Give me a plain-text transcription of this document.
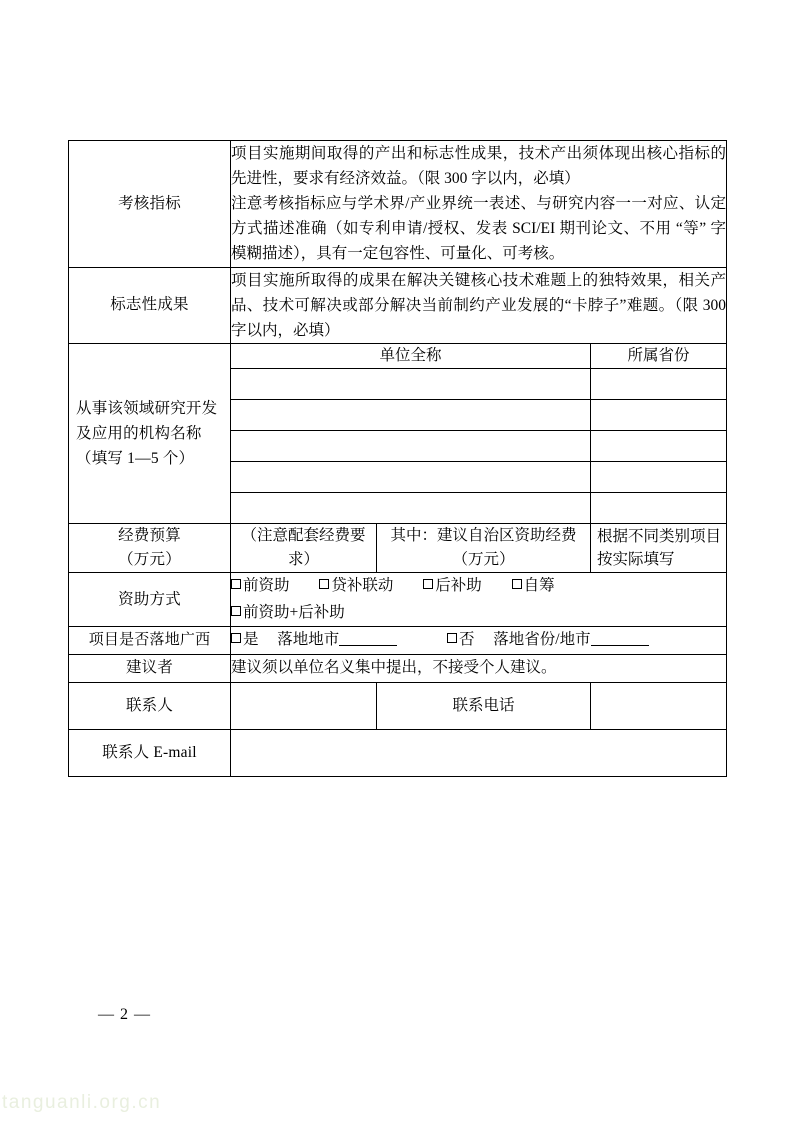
考核指标	项目实施期间取得的产出和标志性成果，技术产出须体现出核心指标的先进性，要求有经济效益。（限 300 字以内，必填）

注意考核指标应与学术界/产业界统一表述、与研究内容一一对应、认定方式描述准确（如专利申请/授权、发表 SCI/EI 期刊论文、不用 “等” 字模糊描述），具有一定包容性、可量化、可考核。		

标志性成果	项目实施所取得的成果在解决关键核心技术难题上的独特效果，相关产品、技术可解决或部分解决当前制约产业发展的“卡脖子”难题。（限 300 字以内，必填）		

从事该领域研究开发及应用的机构名称（填写 1—5 个）	单位全称		所属省份

经费预算
（万元）	（注意配套经费要求）	其中：建议自治区资助经费（万元）	根据不同类别项目按实际填写
资助方式	前资助 贷补联动 后补助 自筹
前资助+后补助		

项目是否落地广西	是 落地地市 否 落地省份/地市		

建议者	建议须以单位名义集中提出，不接受个人建议。		
联系人		联系电话	
联系人 E-mail			
— 2 —
tanguanli.org.cn
